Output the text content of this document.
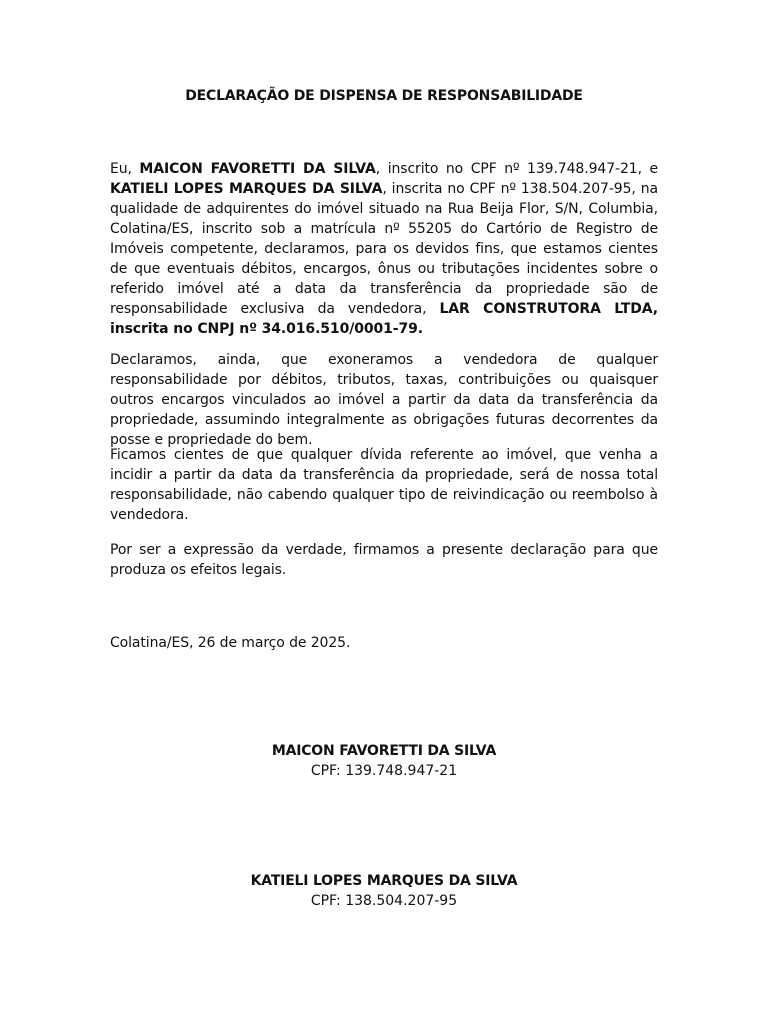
DECLARAÇÃO DE DISPENSA DE RESPONSABILIDADE
Eu, MAICON FAVORETTI DA SILVA, inscrito no CPF nº 139.748.947-21, e KATIELI LOPES MARQUES DA SILVA, inscrita no CPF nº 138.504.207-95, na qualidade de adquirentes do imóvel situado na Rua Beija Flor, S/N, Columbia, Colatina/ES, inscrito sob a matrícula nº 55205 do Cartório de Registro de Imóveis competente, declaramos, para os devidos fins, que estamos cientes de que eventuais débitos, encargos, ônus ou tributações incidentes sobre o referido imóvel até a data da transferência da propriedade são de responsabilidade exclusiva da vendedora, LAR CONSTRUTORA LTDA, inscrita no CNPJ nº 34.016.510/0001-79.
Declaramos, ainda, que exoneramos a vendedora de qualquer responsabilidade por débitos, tributos, taxas, contribuições ou quaisquer outros encargos vinculados ao imóvel a partir da data da transferência da propriedade, assumindo integralmente as obrigações futuras decorrentes da posse e propriedade do bem.
Ficamos cientes de que qualquer dívida referente ao imóvel, que venha a incidir a partir da data da transferência da propriedade, será de nossa total responsabilidade, não cabendo qualquer tipo de reivindicação ou reembolso à vendedora.
Por ser a expressão da verdade, firmamos a presente declaração para que produza os efeitos legais.
Colatina/ES, 26 de março de 2025.
MAICON FAVORETTI DA SILVA
CPF: 139.748.947-21
KATIELI LOPES MARQUES DA SILVA
CPF: 138.504.207-95
